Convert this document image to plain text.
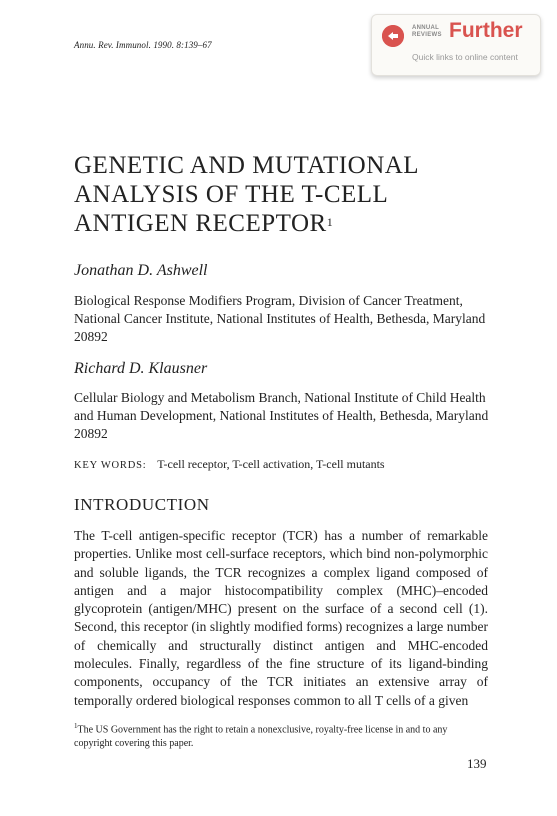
Annu. Rev. Immunol. 1990. 8:139–67
ANNUAL REVIEWS Further
Quick links to online content
GENETIC AND MUTATIONAL
ANALYSIS OF THE T-CELL
ANTIGEN RECEPTOR$^1$
Jonathan D. Ashwell
Biological Response Modifiers Program, Division of Cancer Treatment, National Cancer Institute, National Institutes of Health, Bethesda, Maryland 20892
Richard D. Klausner
Cellular Biology and Metabolism Branch, National Institute of Child Health and Human Development, National Institutes of Health, Bethesda, Maryland 20892
KEY WORDS: T-cell receptor, T-cell activation, T-cell mutants
INTRODUCTION
The T-cell antigen-specific receptor (TCR) has a number of remarkable properties. Unlike most cell-surface receptors, which bind non-polymorphic and soluble ligands, the TCR recognizes a complex ligand composed of antigen and a major histocompatibility complex (MHC)–encoded glycoprotein (antigen/MHC) present on the surface of a second cell (1). Second, this receptor (in slightly modified forms) recognizes a large number of chemically and structurally distinct antigen and MHC-encoded molecules. Finally, regardless of the fine structure of its ligand-binding components, occupancy of the TCR initiates an extensive array of temporally ordered biological responses common to all T cells of a given
$^1$The US Government has the right to retain a nonexclusive, royalty-free license in and to any copyright covering this paper.
139
